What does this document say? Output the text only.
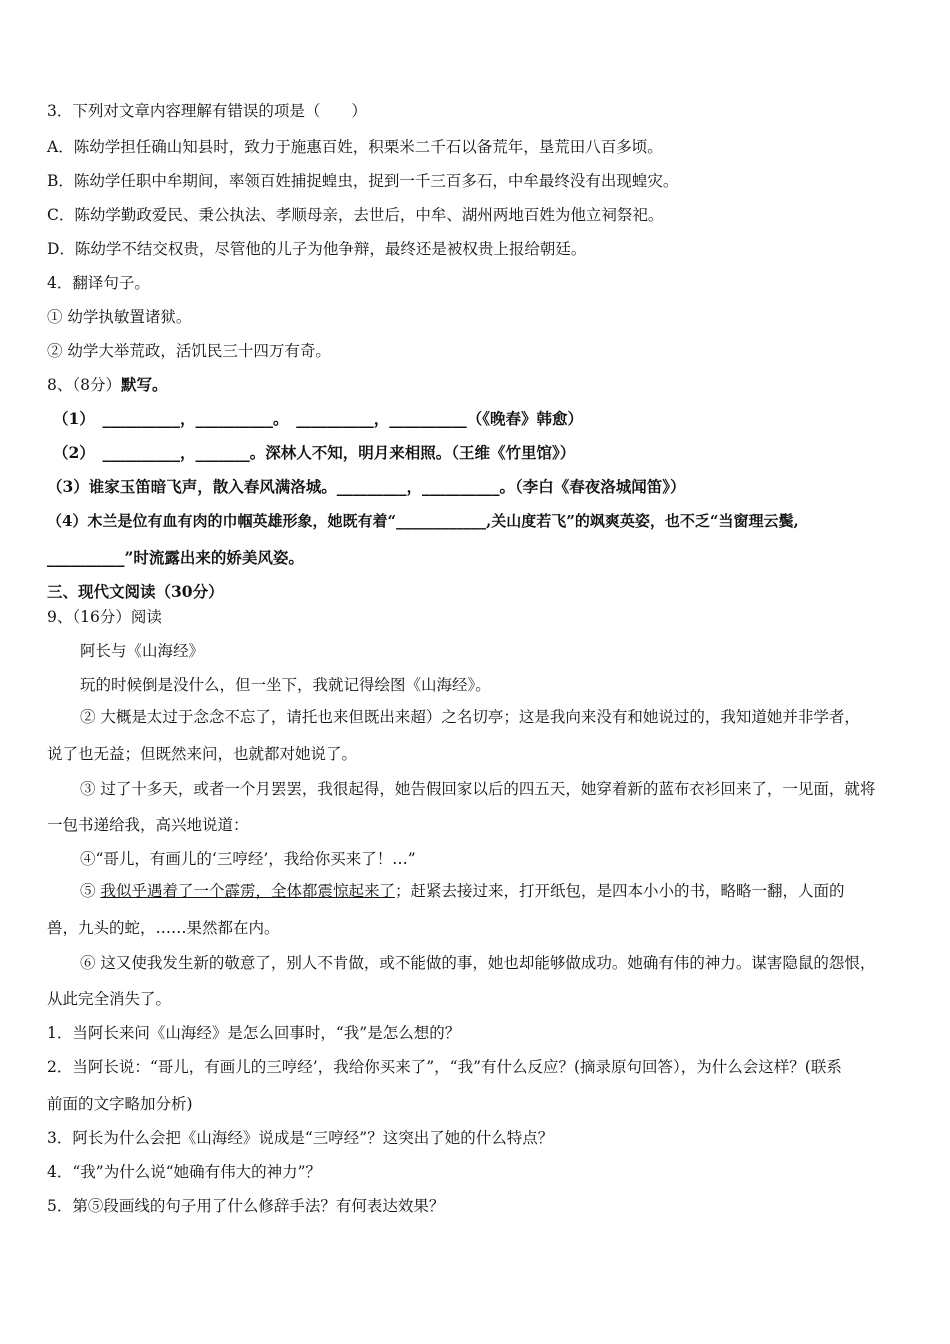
3．下列对文章内容理解有错误的项是（　　）
A．陈幼学担任确山知县时，致力于施惠百姓，积栗米二千石以备荒年，垦荒田八百多顷。
B．陈幼学任职中牟期间，率领百姓捕捉蝗虫，捉到一千三百多石，中牟最终没有出现蝗灾。
C．陈幼学勤政爱民、秉公执法、孝顺母亲，去世后，中牟、湖州两地百姓为他立祠祭祀。
D．陈幼学不结交权贵，尽管他的儿子为他争辩，最终还是被权贵上报给朝廷。
4．翻译句子。
① 幼学执敏置诸狱。
② 幼学大举荒政，活饥民三十四万有奇。
8、（8分）默写。
（1）　__________，__________。　__________，__________（《晚春》韩愈）
（2）　__________，_______。深林人不知，明月来相照。（王维《竹里馆》）
（3）谁家玉笛暗飞声，散入春风满洛城。_________，__________。（李白《春夜洛城闻笛》）
（4）木兰是位有血有肉的巾帼英雄形象，她既有着“____________,关山度若飞”的飒爽英姿，也不乏“当窗理云鬓,
__________”时流露出来的娇美风姿。
三、现代文阅读（30分）
9、（16分）阅读
阿长与《山海经》
玩的时候倒是没什么，但一坐下，我就记得绘图《山海经》。
② 大概是太过于念念不忘了，请托也来但既出来超）之名切亭；这是我向来没有和她说过的，我知道她并非学者，
说了也无益；但既然来问，也就都对她说了。
③ 过了十多天，或者一个月罢罢，我很起得，她告假回家以后的四五天，她穿着新的蓝布衣衫回来了，一见面，就将
一包书递给我，高兴地说道：
④“哥儿，有画儿的‘三哼经’，我给你买来了！…”
⑤ 我似乎遇着了一个霹雳，全体都震惊起来了；赶紧去接过来，打开纸包，是四本小小的书，略略一翻，人面的
兽，九头的蛇，……果然都在内。
⑥ 这又使我发生新的敬意了，别人不肯做，或不能做的事，她也却能够做成功。她确有伟的神力。谋害隐鼠的怨恨，
从此完全消失了。
1．当阿长来问《山海经》是怎么回事时，“我”是怎么想的？
2．当阿长说：“哥儿，有画儿的三哼经’，我给你买来了”，“我”有什么反应？(摘录原句回答），为什么会这样？(联系
前面的文字略加分析)
3．阿长为什么会把《山海经》说成是“三哼经”？这突出了她的什么特点？
4．“我”为什么说“她确有伟大的神力”？
5．第⑤段画线的句子用了什么修辞手法？有何表达效果？
